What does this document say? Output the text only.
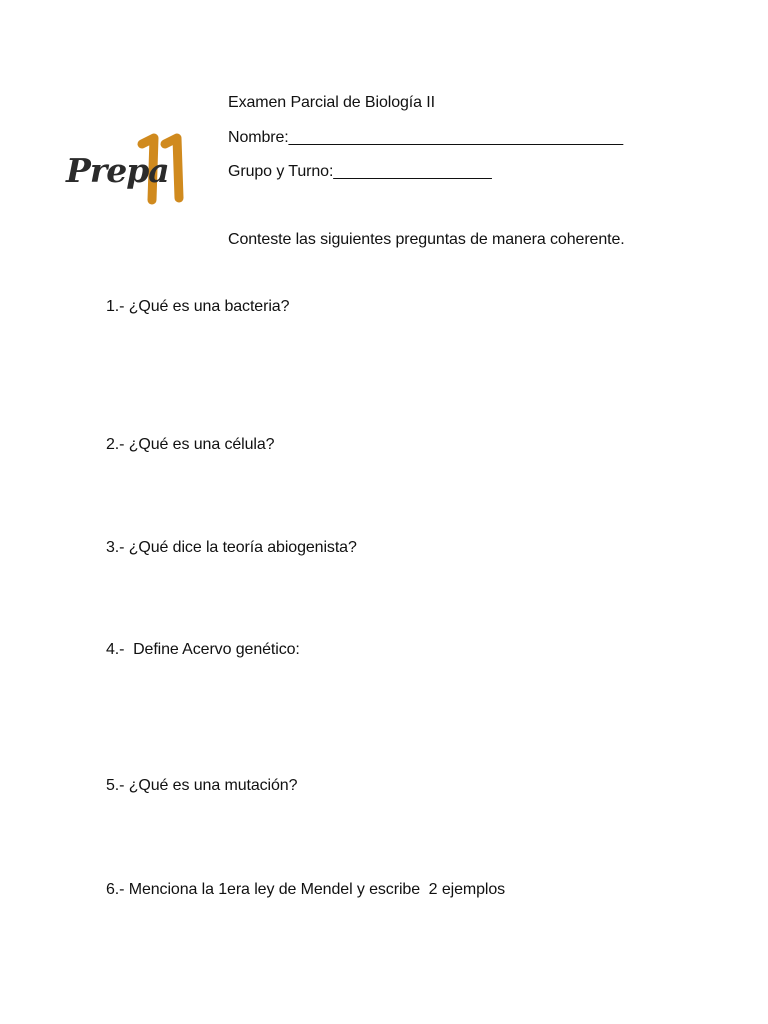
Prepa
Examen Parcial de Biología II
Nombre:______________________________________
Grupo y Turno:__________________
Conteste las siguientes preguntas de manera coherente.
1.- ¿Qué es una bacteria?
2.- ¿Qué es una célula?
3.- ¿Qué dice la teoría abiogenista?
4.-  Define Acervo genético:
5.- ¿Qué es una mutación?
6.- Menciona la 1era ley de Mendel y escribe  2 ejemplos
